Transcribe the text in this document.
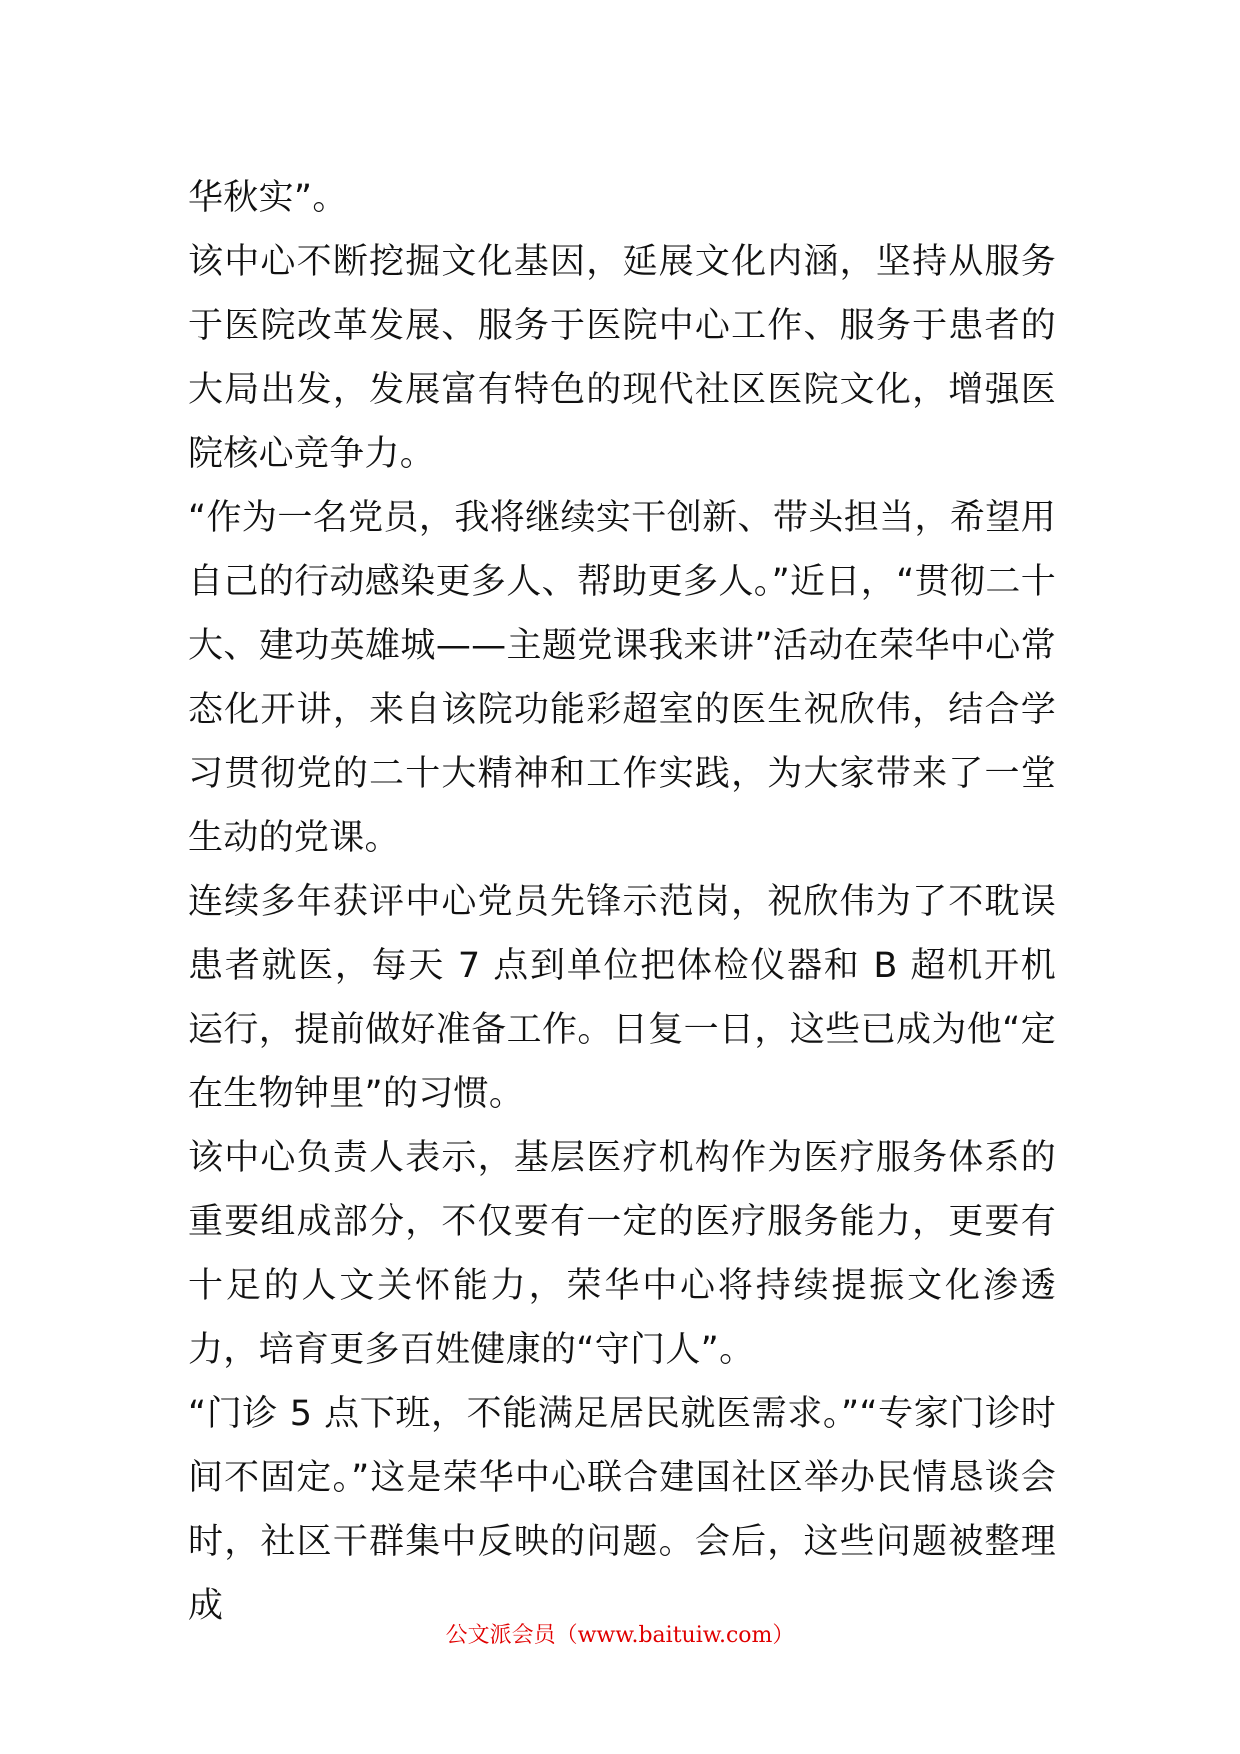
华秋实”。

该中心不断挖掘文化基因，延展文化内涵，坚持从服务于医院改革发展、服务于医院中心工作、服务于患者的大局出发，发展富有特色的现代社区医院文化，增强医院核心竞争力。

“作为一名党员，我将继续实干创新、带头担当，希望用自己的行动感染更多人、帮助更多人。”近日，“贯彻二十大、建功英雄城——主题党课我来讲”活动在荣华中心常态化开讲，来自该院功能彩超室的医生祝欣伟，结合学习贯彻党的二十大精神和工作实践，为大家带来了一堂生动的党课。

连续多年获评中心党员先锋示范岗，祝欣伟为了不耽误患者就医，每天 7 点到单位把体检仪器和 B 超机开机运行，提前做好准备工作。日复一日，这些已成为他“定在生物钟里”的习惯。

该中心负责人表示，基层医疗机构作为医疗服务体系的重要组成部分，不仅要有一定的医疗服务能力，更要有十足的人文关怀能力，荣华中心将持续提振文化渗透力，培育更多百姓健康的“守门人”。

“门诊 5 点下班，不能满足居民就医需求。”“专家门诊时间不固定。”这是荣华中心联合建国社区举办民情恳谈会时，社区干群集中反映的问题。会后，这些问题被整理成

公文派会员（www.baituiw.com）
